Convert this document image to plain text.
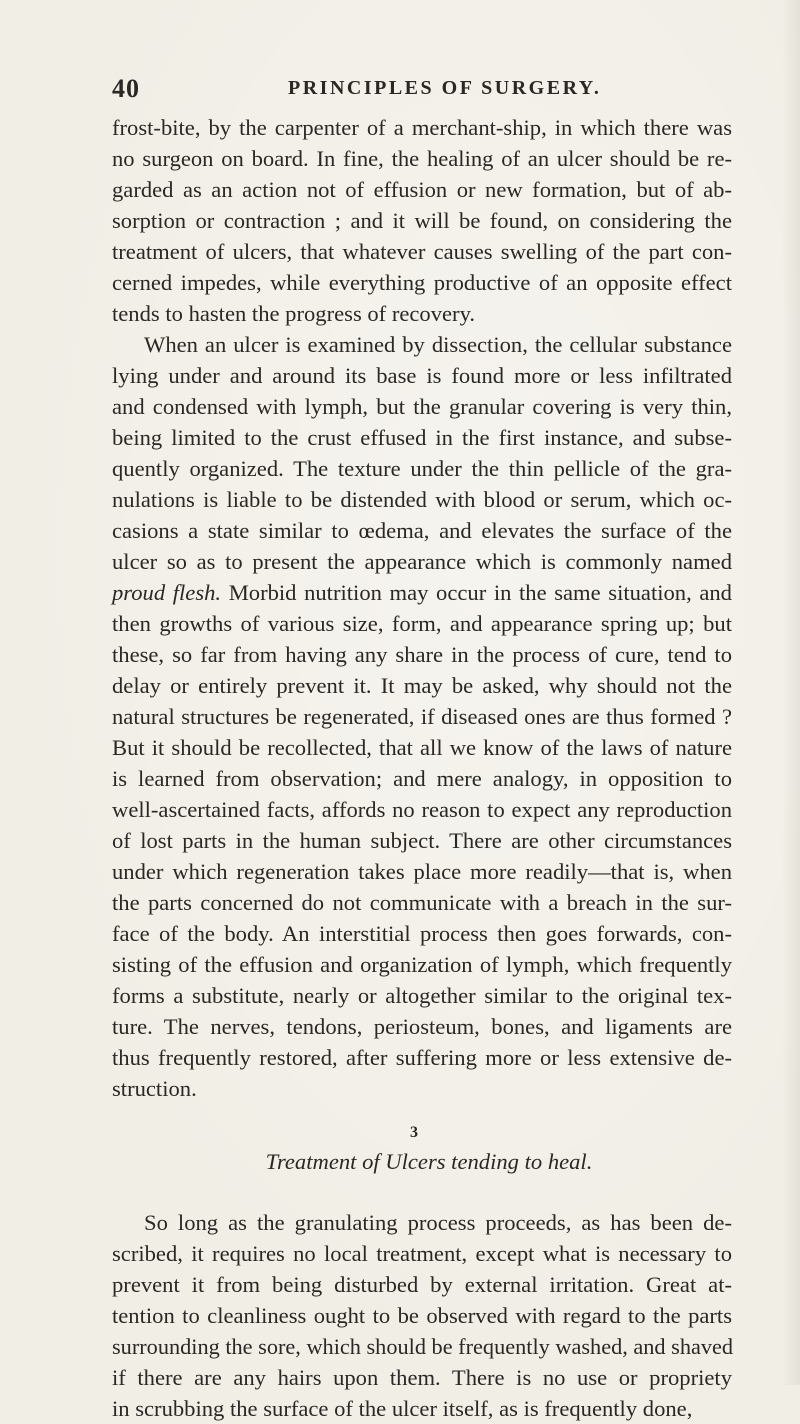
40	PRINCIPLES OF SURGERY.
frost-bite, by the carpenter of a merchant-ship, in which there was
no surgeon on board. In fine, the healing of an ulcer should be re-
garded as an action not of effusion or new formation, but of ab-
sorption or contraction ; and it will be found, on considering the
treatment of ulcers, that whatever causes swelling of the part con-
cerned impedes, while everything productive of an opposite effect
tends to hasten the progress of recovery.
When an ulcer is examined by dissection, the cellular substance
lying under and around its base is found more or less infiltrated
and condensed with lymph, but the granular covering is very thin,
being limited to the crust effused in the first instance, and subse-
quently organized. The texture under the thin pellicle of the gra-
nulations is liable to be distended with blood or serum, which oc-
casions a state similar to œdema, and elevates the surface of the
ulcer so as to present the appearance which is commonly named
proud flesh. Morbid nutrition may occur in the same situation, and
then growths of various size, form, and appearance spring up; but
these, so far from having any share in the process of cure, tend to
delay or entirely prevent it. It may be asked, why should not the
natural structures be regenerated, if diseased ones are thus formed ?
But it should be recollected, that all we know of the laws of nature
is learned from observation; and mere analogy, in opposition to
well-ascertained facts, affords no reason to expect any reproduction
of lost parts in the human subject. There are other circumstances
under which regeneration takes place more readily—that is, when
the parts concerned do not communicate with a breach in the sur-
face of the body. An interstitial process then goes forwards, con-
sisting of the effusion and organization of lymph, which frequently
forms a substitute, nearly or altogether similar to the original tex-
ture. The nerves, tendons, periosteum, bones, and ligaments are
thus frequently restored, after suffering more or less extensive de-
struction.
Treatment of Ulcers tending to heal.
So long as the granulating process proceeds, as has been de-
scribed, it requires no local treatment, except what is necessary to
prevent it from being disturbed by external irritation. Great at-
tention to cleanliness ought to be observed with regard to the parts
surrounding the sore, which should be frequently washed, and shaved
if there are any hairs upon them. There is no use or propriety
in scrubbing the surface of the ulcer itself, as is frequently done,
3
